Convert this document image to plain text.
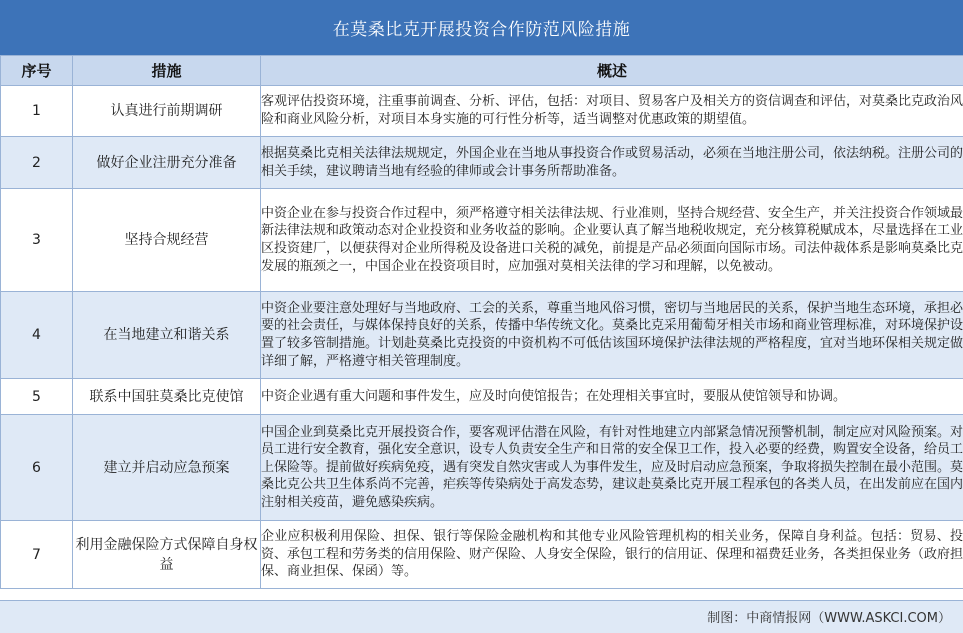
在莫桑比克开展投资合作防范风险措施
序号	措施	概述
1	认真进行前期调研	客观评估投资环境，注重事前调查、分析、评估，包括：对项目、贸易客户及相关方的资信调查和评估，对莫桑比克政治风险和商业风险分析，对项目本身实施的可行性分析等，适当调整对优惠政策的期望值。
2	做好企业注册充分准备	根据莫桑比克相关法律法规规定，外国企业在当地从事投资合作或贸易活动，必须在当地注册公司，依法纳税。注册公司的相关手续，建议聘请当地有经验的律师或会计事务所帮助准备。
3	坚持合规经营	中资企业在参与投资合作过程中，须严格遵守相关法律法规、行业准则，坚持合规经营、安全生产，并关注投资合作领域最新法律法规和政策动态对企业投资和业务收益的影响。企业要认真了解当地税收规定，充分核算税赋成本，尽量选择在工业区投资建厂，以便获得对企业所得税及设备进口关税的减免，前提是产品必须面向国际市场。司法仲裁体系是影响莫桑比克发展的瓶颈之一，中国企业在投资项目时，应加强对莫相关法律的学习和理解，以免被动。
4	在当地建立和谐关系	中资企业要注意处理好与当地政府、工会的关系，尊重当地风俗习惯，密切与当地居民的关系，保护当地生态环境，承担必要的社会责任，与媒体保持良好的关系，传播中华传统文化。莫桑比克采用葡萄牙相关市场和商业管理标准，对环境保护设置了较多管制措施。计划赴莫桑比克投资的中资机构不可低估该国环境保护法律法规的严格程度，宜对当地环保相关规定做详细了解，严格遵守相关管理制度。
5	联系中国驻莫桑比克使馆	中资企业遇有重大问题和事件发生，应及时向使馆报告；在处理相关事宜时，要服从使馆领导和协调。
6	建立并启动应急预案	中国企业到莫桑比克开展投资合作，要客观评估潜在风险，有针对性地建立内部紧急情况预警机制，制定应对风险预案。对员工进行安全教育，强化安全意识，设专人负责安全生产和日常的安全保卫工作，投入必要的经费，购置安全设备，给员工上保险等。提前做好疾病免疫，遇有突发自然灾害或人为事件发生，应及时启动应急预案，争取将损失控制在最小范围。莫桑比克公共卫生体系尚不完善，疟疾等传染病处于高发态势，建议赴莫桑比克开展工程承包的各类人员，在出发前应在国内注射相关疫苗，避免感染疾病。
7	利用金融保险方式保障自身权益	企业应积极利用保险、担保、银行等保险金融机构和其他专业风险管理机构的相关业务，保障自身利益。包括：贸易、投资、承包工程和劳务类的信用保险、财产保险、人身安全保险，银行的信用证、保理和福费廷业务，各类担保业务（政府担保、商业担保、保函）等。
制图：中商情报网（WWW.ASKCI.COM）
